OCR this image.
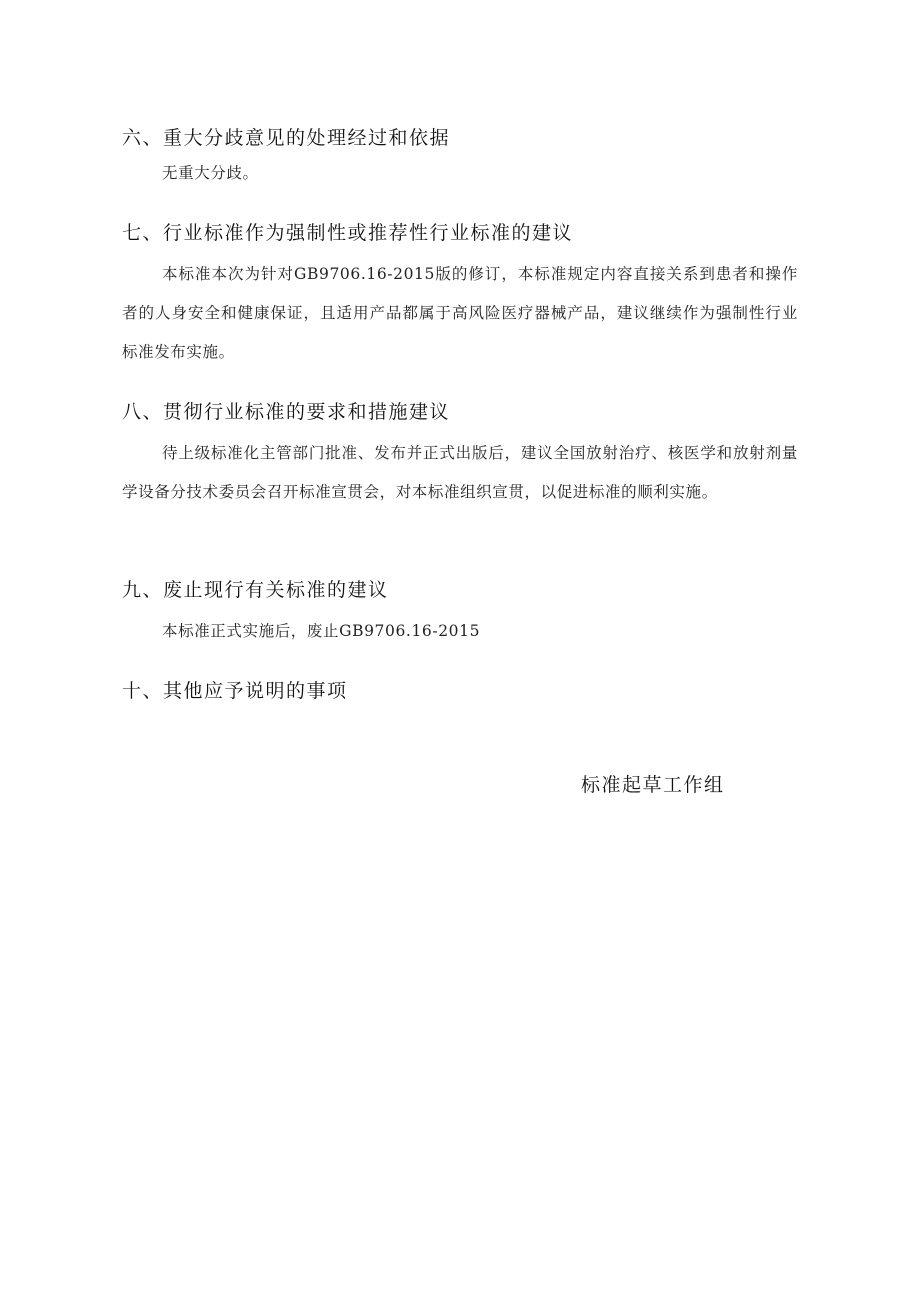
六、重大分歧意见的处理经过和依据

无重大分歧。

七、行业标准作为强制性或推荐性行业标准的建议

本标准本次为针对GB9706.16-2015版的修订，本标准规定内容直接关系到患者和操作者的人身安全和健康保证，且适用产品都属于高风险医疗器械产品，建议继续作为强制性行业标准发布实施。

八、贯彻行业标准的要求和措施建议

待上级标准化主管部门批准、发布并正式出版后，建议全国放射治疗、核医学和放射剂量学设备分技术委员会召开标准宣贯会，对本标准组织宣贯，以促进标准的顺利实施。

九、废止现行有关标准的建议

本标准正式实施后，废止GB9706.16-2015

十、其他应予说明的事项
标准起草工作组
